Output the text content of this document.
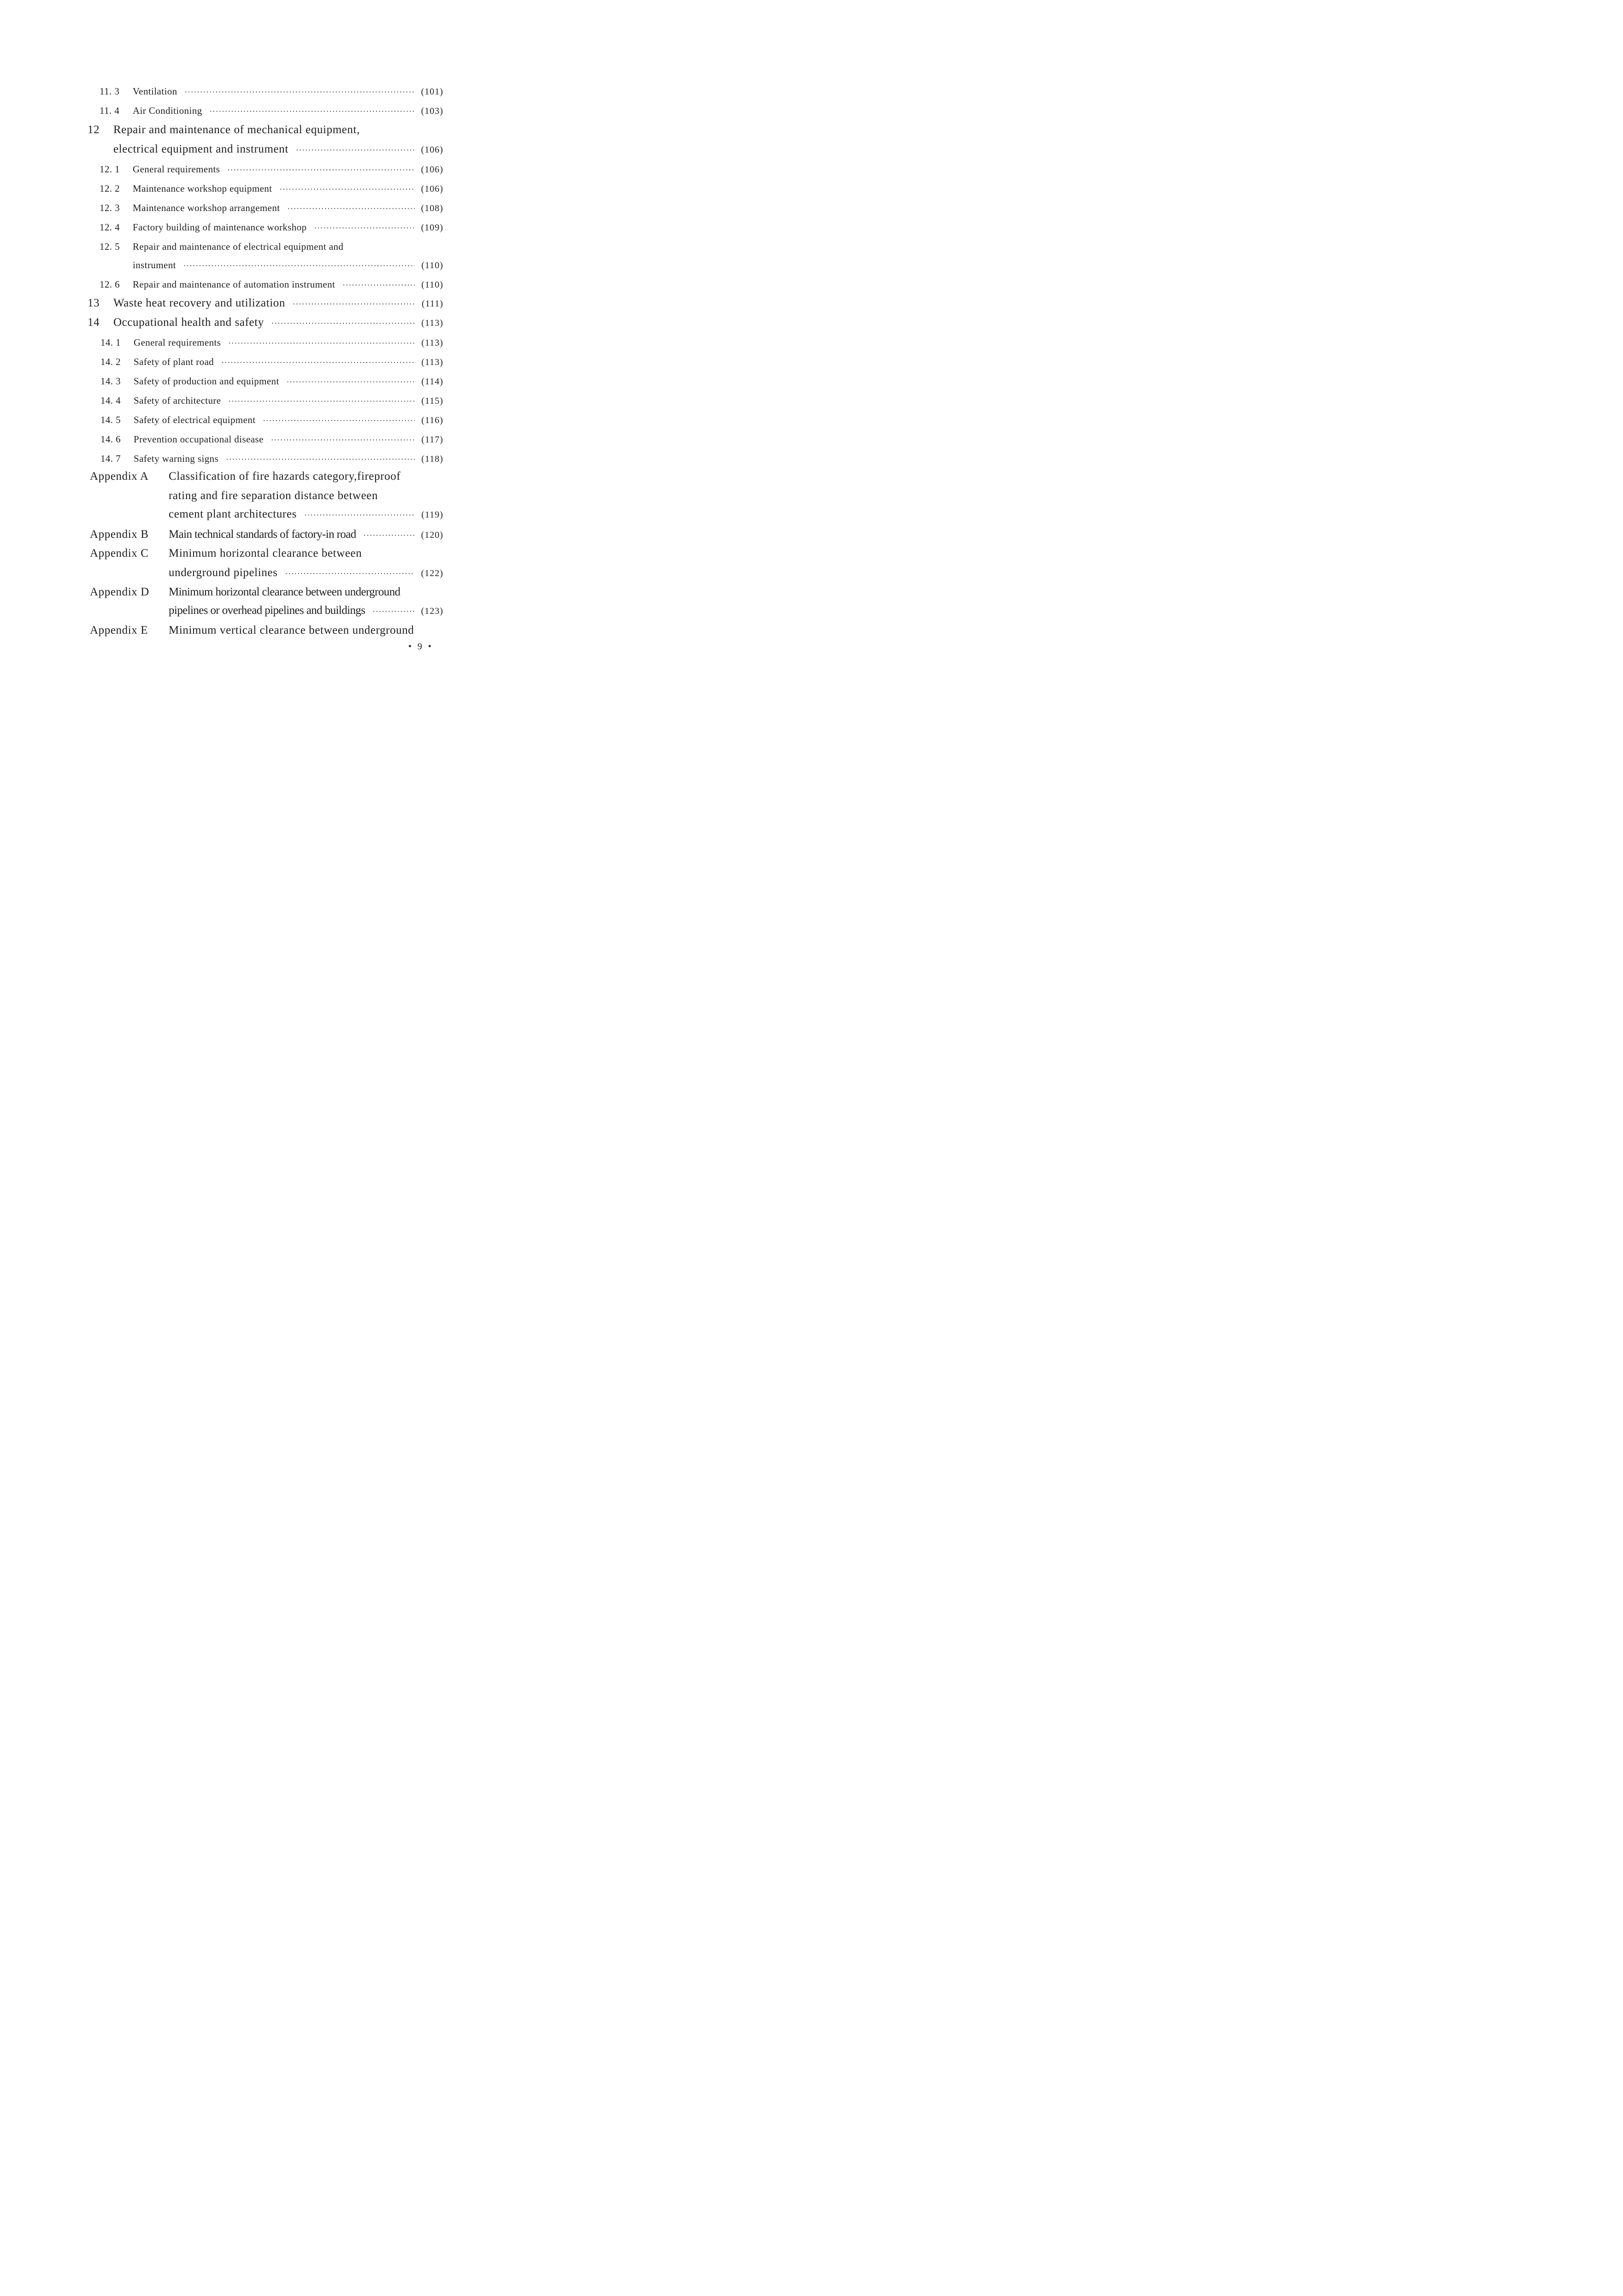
11. 3	Ventilation ·····	(101)
11. 4	Air Conditioning ·····	(103)
12	Repair and maintenance of mechanical equipment,
electrical equipment and instrument ·····	(106)
12. 1	General requirements ·····	(106)
12. 2	Maintenance workshop equipment ·····	(106)
12. 3	Maintenance workshop arrangement ·····	(108)
12. 4	Factory building of maintenance workshop ·····	(109)
12. 5	Repair and maintenance of electrical equipment and
instrument ·····	(110)
12. 6	Repair and maintenance of automation instrument ·····	(110)
13	Waste heat recovery and utilization ·····	(111)
14	Occupational health and safety ·····	(113)
14. 1	General requirements ·····	(113)
14. 2	Safety of plant road ·····	(113)
14. 3	Safety of production and equipment ·····	(114)
14. 4	Safety of architecture ·····	(115)
14. 5	Safety of electrical equipment ·····	(116)
14. 6	Prevention occupational disease ·····	(117)
14. 7	Safety warning signs ·····	(118)
Appendix A	Classification of fire hazards category,fireproof
rating and fire separation distance between
cement plant architectures ·····	(119)
Appendix B	Main technical standards of factory-in road ·····	(120)
Appendix C	Minimum horizontal clearance between
underground pipelines ·····	(122)
Appendix D	Minimum horizontal clearance between underground
pipelines or overhead pipelines and buildings ·····	(123)
Appendix E	Minimum vertical clearance between underground
• 9 •
